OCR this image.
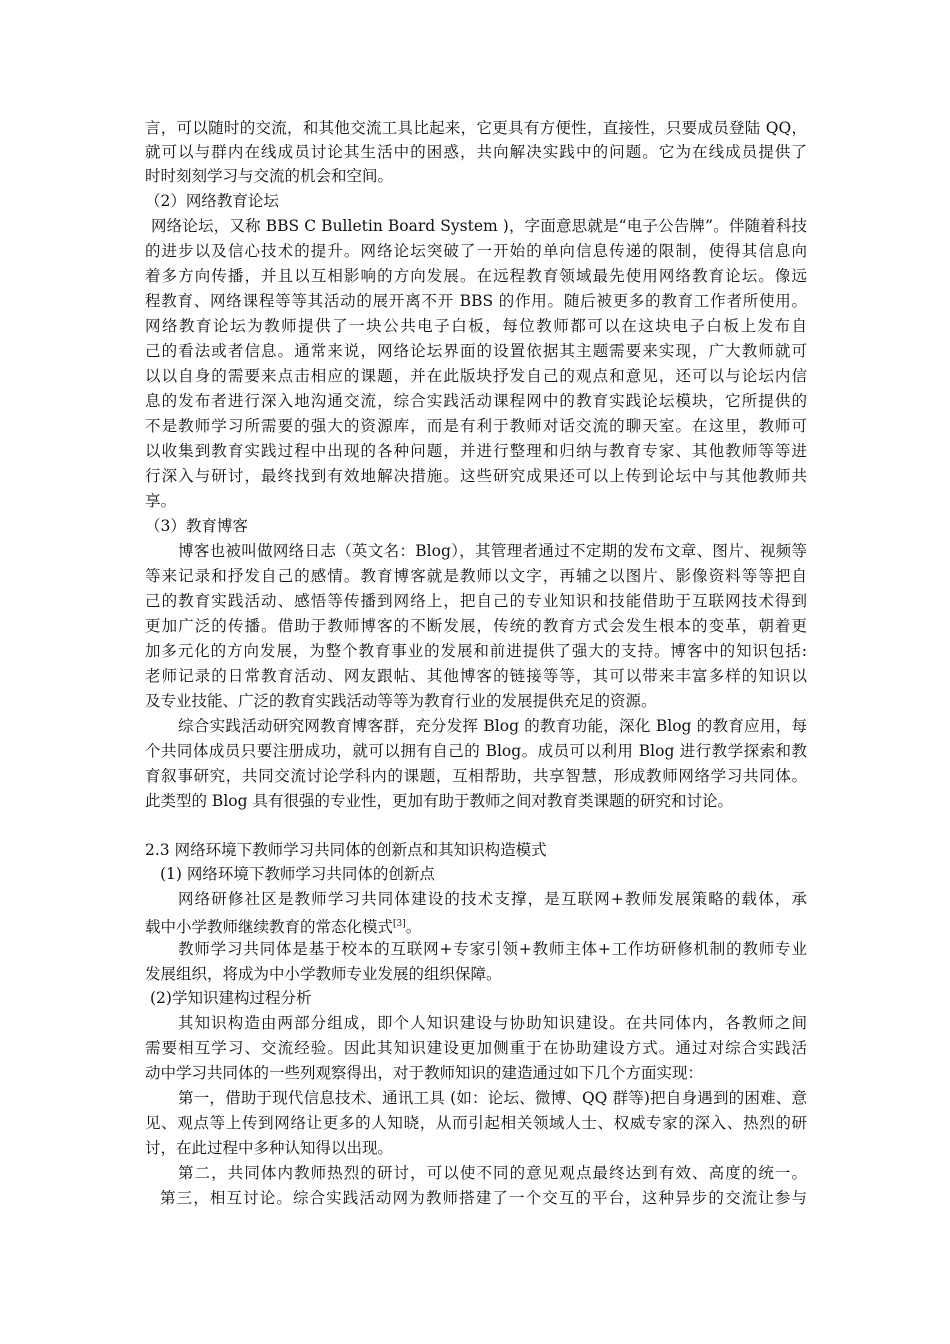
言，可以随时的交流，和其他交流工具比起来，它更具有方便性，直接性，只要成员登陆 QQ，
就可以与群内在线成员讨论其生活中的困惑，共向解决实践中的问题。它为在线成员提供了
时时刻刻学习与交流的机会和空间。
（2）网络教育论坛
网络论坛，又称 BBS C Bulletin Board System )，字面意思就是“电子公告牌”。伴随着科技
的进步以及信心技术的提升。网络论坛突破了一开始的单向信息传递的限制，使得其信息向
着多方向传播，并且以互相影响的方向发展。在远程教育领域最先使用网络教育论坛。像远
程教育、网络课程等等其活动的展开离不开 BBS 的作用。随后被更多的教育工作者所使用。
网络教育论坛为教师提供了一块公共电子白板，每位教师都可以在这块电子白板上发布自
己的看法或者信息。通常来说，网络论坛界面的设置依据其主题需要来实现，广大教师就可
以以自身的需要来点击相应的课题，并在此版块抒发自己的观点和意见，还可以与论坛内信
息的发布者进行深入地沟通交流，综合实践活动课程网中的教育实践论坛模块，它所提供的
不是教师学习所需要的强大的资源库，而是有利于教师对话交流的聊天室。在这里，教师可
以收集到教育实践过程中出现的各种问题，并进行整理和归纳与教育专家、其他教师等等进
行深入与研讨，最终找到有效地解决措施。这些研究成果还可以上传到论坛中与其他教师共
享。
（3）教育博客
博客也被叫做网络日志（英文名：Blog），其管理者通过不定期的发布文章、图片、视频等
等来记录和抒发自己的感情。教育博客就是教师以文字，再辅之以图片、影像资料等等把自
己的教育实践活动、感悟等传播到网络上，把自己的专业知识和技能借助于互联网技术得到
更加广泛的传播。借助于教师博客的不断发展，传统的教育方式会发生根本的变革，朝着更
加多元化的方向发展，为整个教育事业的发展和前进提供了强大的支持。博客中的知识包括:
老师记录的日常教育活动、网友跟帖、其他博客的链接等等，其可以带来丰富多样的知识以
及专业技能、广泛的教育实践活动等等为教育行业的发展提供充足的资源。
综合实践活动研究网教育博客群，充分发挥 Blog 的教育功能，深化 Blog 的教育应用，每
个共同体成员只要注册成功，就可以拥有自己的 Blog。成员可以利用 Blog 进行教学探索和教
育叙事研究，共同交流讨论学科内的课题，互相帮助，共享智慧，形成教师网络学习共同体。
此类型的 Blog 具有很强的专业性，更加有助于教师之间对教育类课题的研究和讨论。
2.3 网络环境下教师学习共同体的创新点和其知识构造模式
(1) 网络环境下教师学习共同体的创新点
网络研修社区是教师学习共同体建设的技术支撑，是互联网+教师发展策略的载体，承
载中小学教师继续教育的常态化模式[3]。
教师学习共同体是基于校本的互联网+专家引领+教师主体+工作坊研修机制的教师专业
发展组织，将成为中小学教师专业发展的组织保障。
(2)学知识建构过程分析
其知识构造由两部分组成，即个人知识建设与协助知识建设。在共同体内，各教师之间
需要相互学习、交流经验。因此其知识建设更加侧重于在协助建设方式。通过对综合实践活
动中学习共同体的一些列观察得出，对于教师知识的建造通过如下几个方面实现：
第一，借助于现代信息技术、通讯工具 (如：论坛、微博、QQ 群等)把自身遇到的困难、意
见、观点等上传到网络让更多的人知晓，从而引起相关领域人士、权威专家的深入、热烈的研
讨，在此过程中多种认知得以出现。
第二，共同体内教师热烈的研讨，可以使不同的意见观点最终达到有效、高度的统一。
第三，相互讨论。综合实践活动网为教师搭建了一个交互的平台，这种异步的交流让参与
